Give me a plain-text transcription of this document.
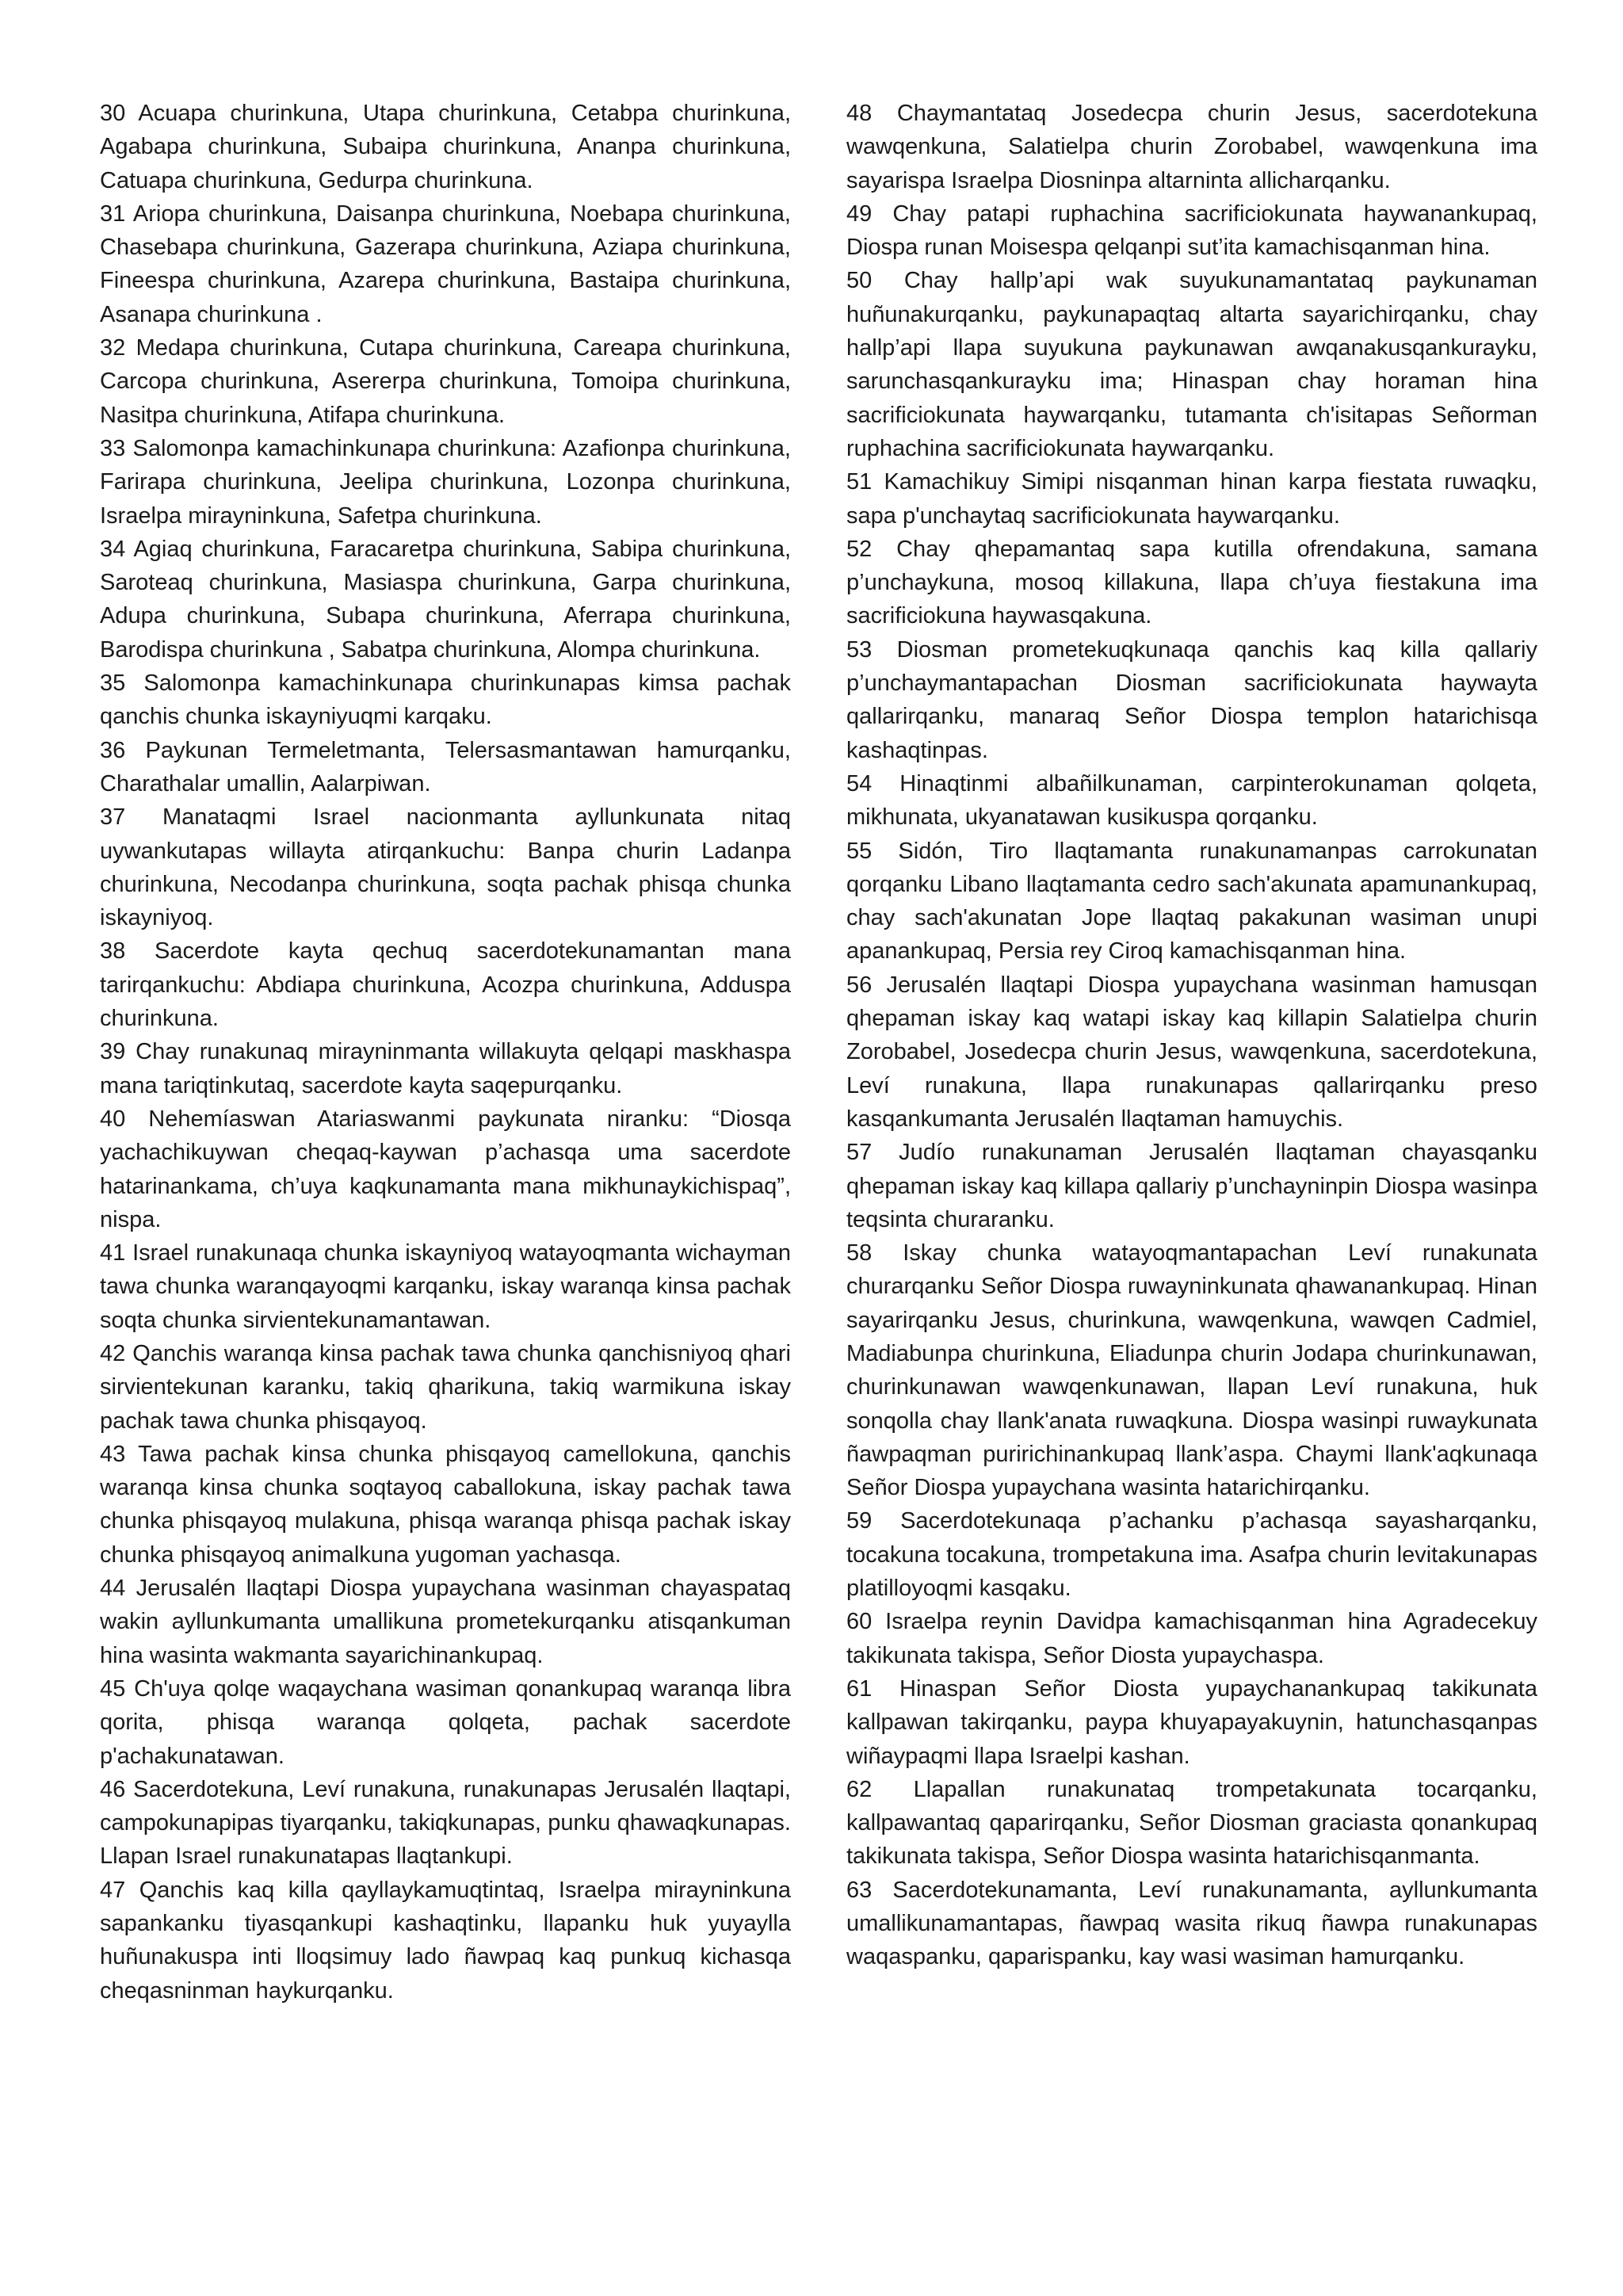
30 Acuapa churinkuna, Utapa churinkuna, Cetabpa churinkuna, Agabapa churinkuna, Subaipa churinkuna, Ananpa churinkuna, Catuapa churinkuna, Gedurpa churinkuna.

31 Ariopa churinkuna, Daisanpa churinkuna, Noebapa churinkuna, Chasebapa churinkuna, Gazerapa churinkuna, Aziapa churinkuna, Fineespa churinkuna, Azarepa churinkuna, Bastaipa churinkuna, Asanapa churinkuna .

32 Medapa churinkuna, Cutapa churinkuna, Careapa churinkuna, Carcopa churinkuna, Asererpa churinkuna, Tomoipa churinkuna, Nasitpa churinkuna, Atifapa churinkuna.

33 Salomonpa kamachinkunapa churinkuna: Azafionpa churinkuna, Farirapa churinkuna, Jeelipa churinkuna, Lozonpa churinkuna, Israelpa mirayninkuna, Safetpa churinkuna.

34 Agiaq churinkuna, Faracaretpa churinkuna, Sabipa churinkuna, Saroteaq churinkuna, Masiaspa churinkuna, Garpa churinkuna, Adupa churinkuna, Subapa churinkuna, Aferrapa churinkuna, Barodispa churinkuna , Sabatpa churinkuna, Alompa churinkuna.

35 Salomonpa kamachinkunapa churinkunapas kimsa pachak qanchis chunka iskayniyuqmi karqaku.

36 Paykunan Termeletmanta, Telersasmantawan hamurqanku, Charathalar umallin, Aalarpiwan.

37 Manataqmi Israel nacionmanta ayllunkunata nitaq uywankutapas willayta atirqankuchu: Banpa churin Ladanpa churinkuna, Necodanpa churinkuna, soqta pachak phisqa chunka iskayniyoq.

38 Sacerdote kayta qechuq sacerdotekunamantan mana tarirqankuchu: Abdiapa churinkuna, Acozpa churinkuna, Adduspa churinkuna.

39 Chay runakunaq mirayninmanta willakuyta qelqapi maskhaspa mana tariqtinkutaq, sacerdote kayta saqepurqanku.

40 Nehemíaswan Atariaswanmi paykunata niranku: “Diosqa yachachikuywan cheqaq-kaywan p’achasqa uma sacerdote hatarinankama, ch’uya kaqkunamanta mana mikhunaykichispaq”, nispa.

41 Israel runakunaqa chunka iskayniyoq watayoqmanta wichayman tawa chunka waranqayoqmi karqanku, iskay waranqa kinsa pachak soqta chunka sirvientekunamantawan.

42 Qanchis waranqa kinsa pachak tawa chunka qanchisniyoq qhari sirvientekunan karanku, takiq qharikuna, takiq warmikuna iskay pachak tawa chunka phisqayoq.

43 Tawa pachak kinsa chunka phisqayoq camellokuna, qanchis waranqa kinsa chunka soqtayoq caballokuna, iskay pachak tawa chunka phisqayoq mulakuna, phisqa waranqa phisqa pachak iskay chunka phisqayoq animalkuna yugoman yachasqa.

44 Jerusalén llaqtapi Diospa yupaychana wasinman chayaspataq wakin ayllunkumanta umallikuna prometekurqanku atisqankuman hina wasinta wakmanta sayarichinankupaq.

45 Ch'uya qolqe waqaychana wasiman qonankupaq waranqa libra qorita, phisqa waranqa qolqeta, pachak sacerdote p'achakunatawan.

46 Sacerdotekuna, Leví runakuna, runakunapas Jerusalén llaqtapi, campokunapipas tiyarqanku, takiqkunapas, punku qhawaqkunapas. Llapan Israel runakunatapas llaqtankupi.

47 Qanchis kaq killa qayllaykamuqtintaq, Israelpa mirayninkuna sapankanku tiyasqankupi kashaqtinku, llapanku huk yuyaylla huñunakuspa inti lloqsimuy lado ñawpaq kaq punkuq kichasqa cheqasninman haykurqanku.

48 Chaymantataq Josedecpa churin Jesus, sacerdotekuna wawqenkuna, Salatielpa churin Zorobabel, wawqenkuna ima sayarispa Israelpa Diosninpa altarninta allicharqanku.

49 Chay patapi ruphachina sacrificiokunata haywanankupaq, Diospa runan Moisespa qelqanpi sut’ita kamachisqanman hina.

50 Chay hallp’api wak suyukunamantataq paykunaman huñunakurqanku, paykunapaqtaq altarta sayarichirqanku, chay hallp’api llapa suyukuna paykunawan awqanakusqankurayku, sarunchasqankurayku ima; Hinaspan chay horaman hina sacrificiokunata haywarqanku, tutamanta ch'isitapas Señorman ruphachina sacrificiokunata haywarqanku.

51 Kamachikuy Simipi nisqanman hinan karpa fiestata ruwaqku, sapa p'unchaytaq sacrificiokunata haywarqanku.

52 Chay qhepamantaq sapa kutilla ofrendakuna, samana p’unchaykuna, mosoq killakuna, llapa ch’uya fiestakuna ima sacrificiokuna haywasqakuna.

53 Diosman prometekuqkunaqa qanchis kaq killa qallariy p’unchaymantapachan Diosman sacrificiokunata haywayta qallarirqanku, manaraq Señor Diospa templon hatarichisqa kashaqtinpas.

54 Hinaqtinmi albañilkunaman, carpinterokunaman qolqeta, mikhunata, ukyanatawan kusikuspa qorqanku.

55 Sidón, Tiro llaqtamanta runakunamanpas carrokunatan qorqanku Libano llaqtamanta cedro sach'akunata apamunankupaq, chay sach'akunatan Jope llaqtaq pakakunan wasiman unupi apanankupaq, Persia rey Ciroq kamachisqanman hina.

56 Jerusalén llaqtapi Diospa yupaychana wasinman hamusqan qhepaman iskay kaq watapi iskay kaq killapin Salatielpa churin Zorobabel, Josedecpa churin Jesus, wawqenkuna, sacerdotekuna, Leví runakuna, llapa runakunapas qallarirqanku preso kasqankumanta Jerusalén llaqtaman hamuychis.

57 Judío runakunaman Jerusalén llaqtaman chayasqanku qhepaman iskay kaq killapa qallariy p’unchayninpin Diospa wasinpa teqsinta churaranku.

58 Iskay chunka watayoqmantapachan Leví runakunata churarqanku Señor Diospa ruwayninkunata qhawanankupaq. Hinan sayarirqanku Jesus, churinkuna, wawqenkuna, wawqen Cadmiel, Madiabunpa churinkuna, Eliadunpa churin Jodapa churinkunawan, churinkunawan wawqenkunawan, llapan Leví runakuna, huk sonqolla chay llank'anata ruwaqkuna. Diospa wasinpi ruwaykunata ñawpaqman puririchinankupaq llank’aspa. Chaymi llank'aqkunaqa Señor Diospa yupaychana wasinta hatarichirqanku.

59 Sacerdotekunaqa p’achanku p’achasqa sayasharqanku, tocakuna tocakuna, trompetakuna ima. Asafpa churin levitakunapas platilloyoqmi kasqaku.

60 Israelpa reynin Davidpa kamachisqanman hina Agradecekuy takikunata takispa, Señor Diosta yupaychaspa.

61 Hinaspan Señor Diosta yupaychanankupaq takikunata kallpawan takirqanku, paypa khuyapayakuynin, hatunchasqanpas wiñaypaqmi llapa Israelpi kashan.

62 Llapallan runakunataq trompetakunata tocarqanku, kallpawantaq qaparirqanku, Señor Diosman graciasta qonankupaq takikunata takispa, Señor Diospa wasinta hatarichisqanmanta.

63 Sacerdotekunamanta, Leví runakunamanta, ayllunkumanta umallikunamantapas, ñawpaq wasita rikuq ñawpa runakunapas waqaspanku, qaparispanku, kay wasi wasiman hamurqanku.
